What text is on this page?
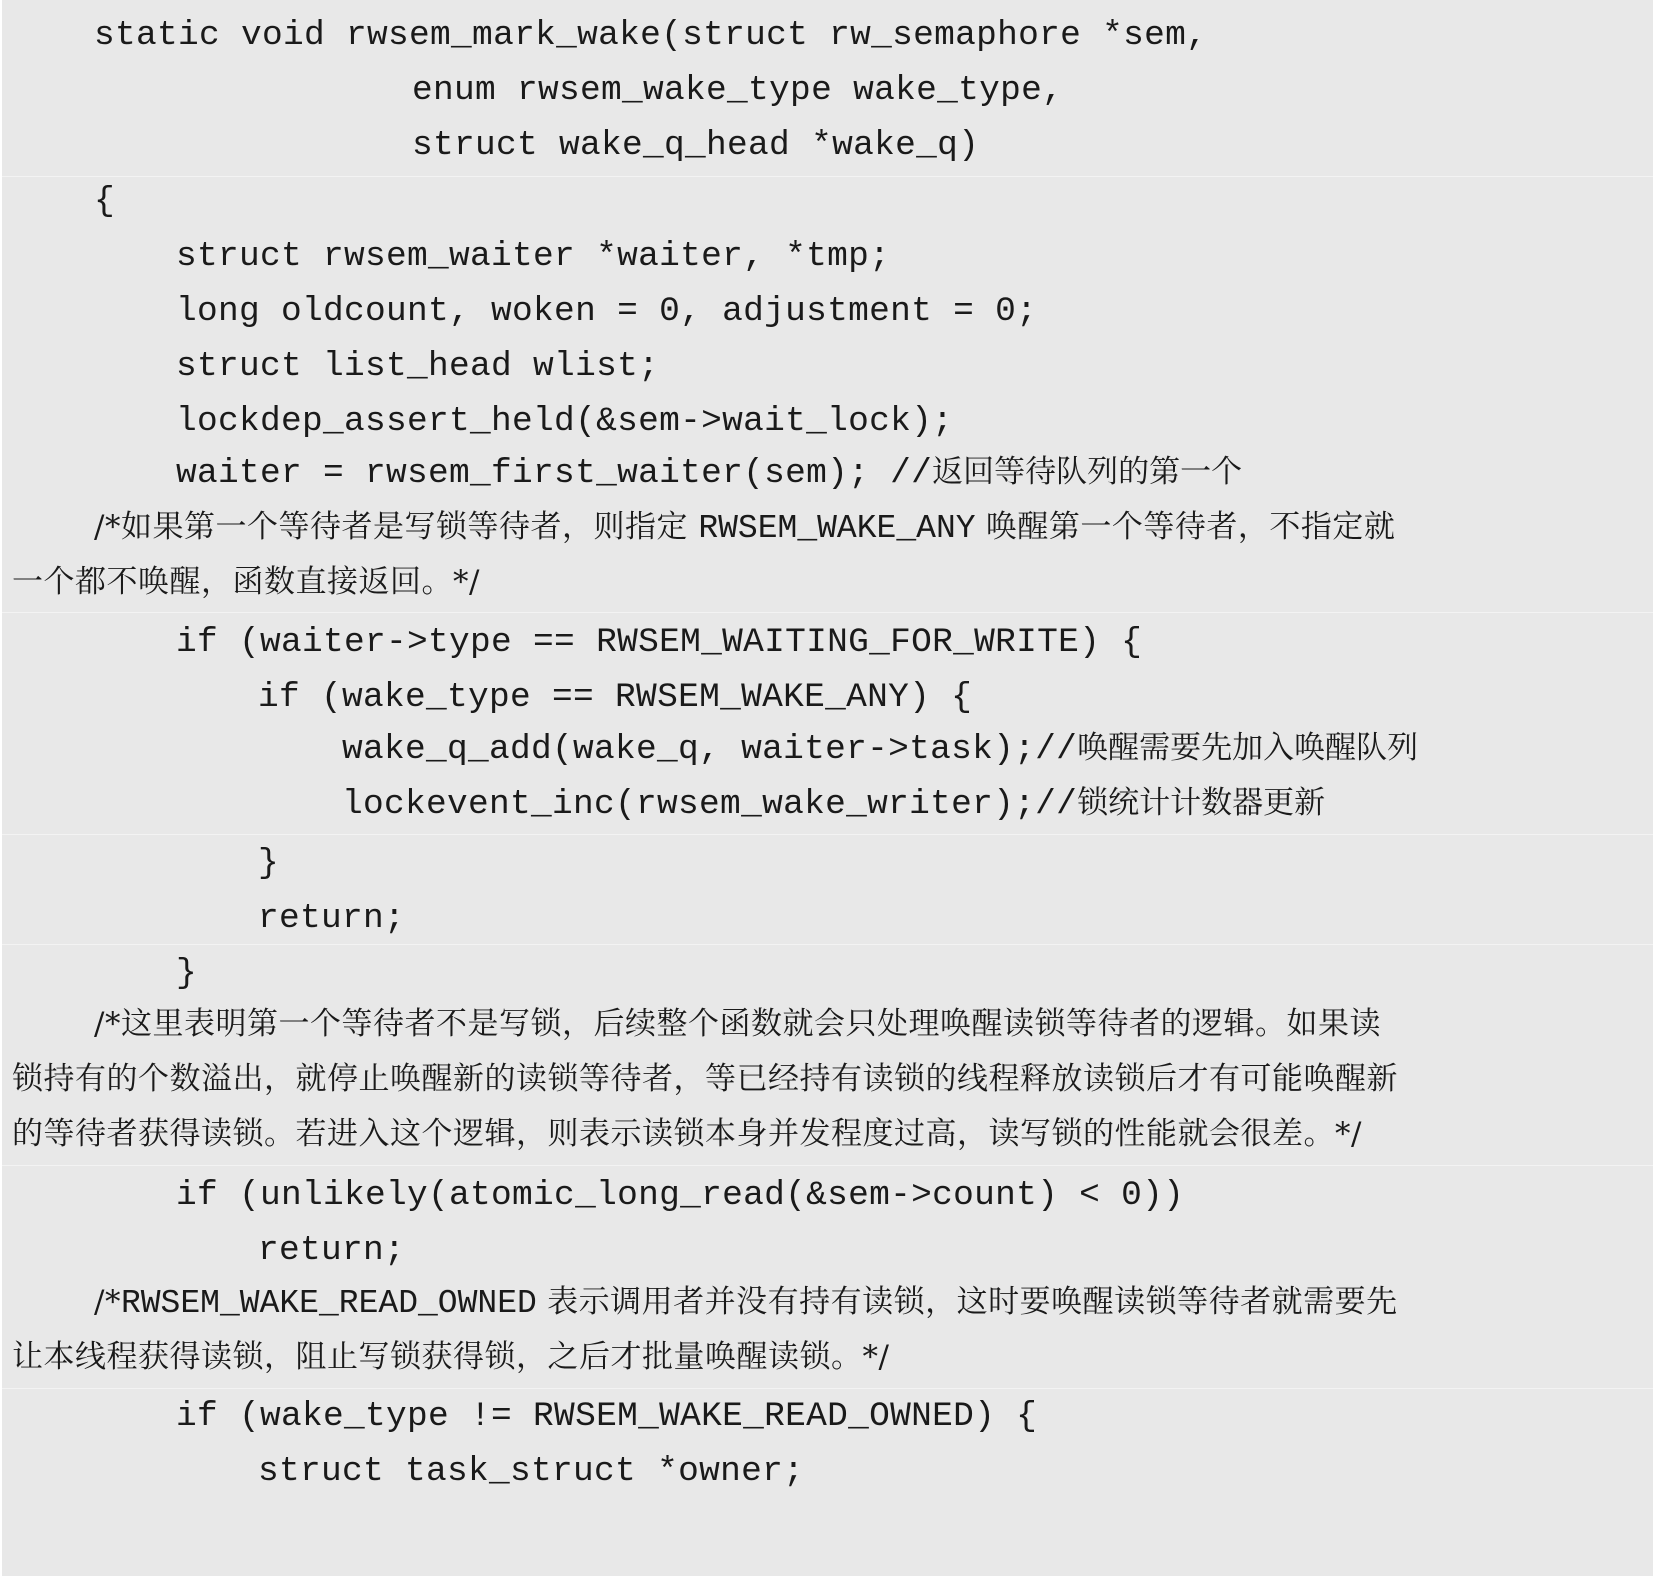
static void rwsem_mark_wake(struct rw_semaphore *sem,
enum rwsem_wake_type wake_type,
struct wake_q_head *wake_q)
{
struct rwsem_waiter *waiter, *tmp;
long oldcount, woken = 0, adjustment = 0;
struct list_head wlist;
lockdep_assert_held(&sem->wait_lock);
waiter = rwsem_first_waiter(sem); //返回等待队列的第一个
/*如果第一个等待者是写锁等待者，则指定 RWSEM_WAKE_ANY 唤醒第一个等待者，不指定就
一个都不唤醒，函数直接返回。*/
if (waiter->type == RWSEM_WAITING_FOR_WRITE) {
if (wake_type == RWSEM_WAKE_ANY) {
wake_q_add(wake_q, waiter->task);//唤醒需要先加入唤醒队列
lockevent_inc(rwsem_wake_writer);//锁统计计数器更新
}
return;
}
/*这里表明第一个等待者不是写锁，后续整个函数就会只处理唤醒读锁等待者的逻辑。如果读
锁持有的个数溢出，就停止唤醒新的读锁等待者，等已经持有读锁的线程释放读锁后才有可能唤醒新
的等待者获得读锁。若进入这个逻辑，则表示读锁本身并发程度过高，读写锁的性能就会很差。*/
if (unlikely(atomic_long_read(&sem->count) < 0))
return;
/*RWSEM_WAKE_READ_OWNED 表示调用者并没有持有读锁，这时要唤醒读锁等待者就需要先
让本线程获得读锁，阻止写锁获得锁，之后才批量唤醒读锁。*/
if (wake_type != RWSEM_WAKE_READ_OWNED) {
struct task_struct *owner;
